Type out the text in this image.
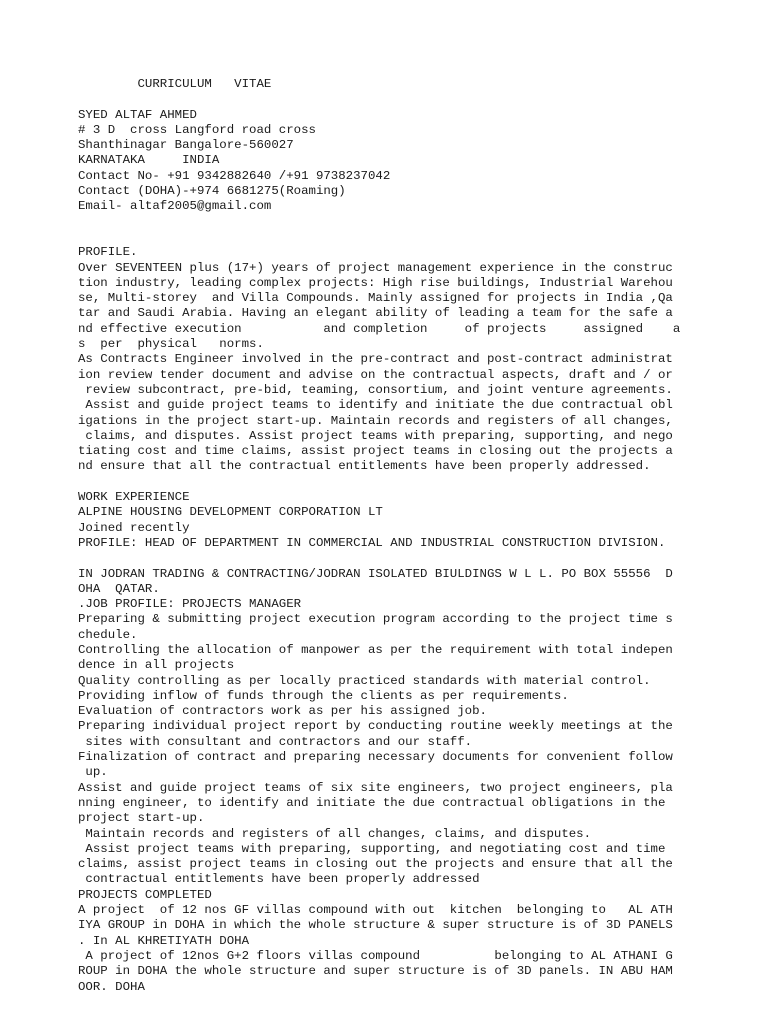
CURRICULUM   VITAE
SYED ALTAF AHMED
# 3 D  cross Langford road cross
Shanthinagar Bangalore-560027
KARNATAKA     INDIA
Contact No- +91 9342882640 /+91 9738237042
Contact (DOHA)-+974 6681275(Roaming)
Email- altaf2005@gmail.com
PROFILE.
Over SEVENTEEN plus (17+) years of project management experience in the construc
tion industry, leading complex projects: High rise buildings, Industrial Warehou
se, Multi-storey  and Villa Compounds. Mainly assigned for projects in India ,Qa
tar and Saudi Arabia. Having an elegant ability of leading a team for the safe a
nd effective execution           and completion     of projects     assigned    a
s  per  physical   norms.
As Contracts Engineer involved in the pre-contract and post-contract administrat
ion review tender document and advise on the contractual aspects, draft and / or
review subcontract, pre-bid, teaming, consortium, and joint venture agreements.
Assist and guide project teams to identify and initiate the due contractual obl
igations in the project start-up. Maintain records and registers of all changes,
claims, and disputes. Assist project teams with preparing, supporting, and nego
tiating cost and time claims, assist project teams in closing out the projects a
nd ensure that all the contractual entitlements have been properly addressed.
WORK EXPERIENCE
ALPINE HOUSING DEVELOPMENT CORPORATION LT
Joined recently
PROFILE: HEAD OF DEPARTMENT IN COMMERCIAL AND INDUSTRIAL CONSTRUCTION DIVISION.
IN JODRAN TRADING & CONTRACTING/JODRAN ISOLATED BIULDINGS W L L. PO BOX 55556  D
OHA  QATAR.
.JOB PROFILE: PROJECTS MANAGER
Preparing & submitting project execution program according to the project time s
chedule.
Controlling the allocation of manpower as per the requirement with total indepen
dence in all projects
Quality controlling as per locally practiced standards with material control.
Providing inflow of funds through the clients as per requirements.
Evaluation of contractors work as per his assigned job.
Preparing individual project report by conducting routine weekly meetings at the
sites with consultant and contractors and our staff.
Finalization of contract and preparing necessary documents for convenient follow
up.
Assist and guide project teams of six site engineers, two project engineers, pla
nning engineer, to identify and initiate the due contractual obligations in the
project start-up.
Maintain records and registers of all changes, claims, and disputes.
Assist project teams with preparing, supporting, and negotiating cost and time
claims, assist project teams in closing out the projects and ensure that all the
contractual entitlements have been properly addressed
PROJECTS COMPLETED
A project  of 12 nos GF villas compound with out  kitchen  belonging to   AL ATH
IYA GROUP in DOHA in which the whole structure & super structure is of 3D PANELS
. In AL KHRETIYATH DOHA
A project of 12nos G+2 floors villas compound          belonging to AL ATHANI G
ROUP in DOHA the whole structure and super structure is of 3D panels. IN ABU HAM
OOR. DOHA
